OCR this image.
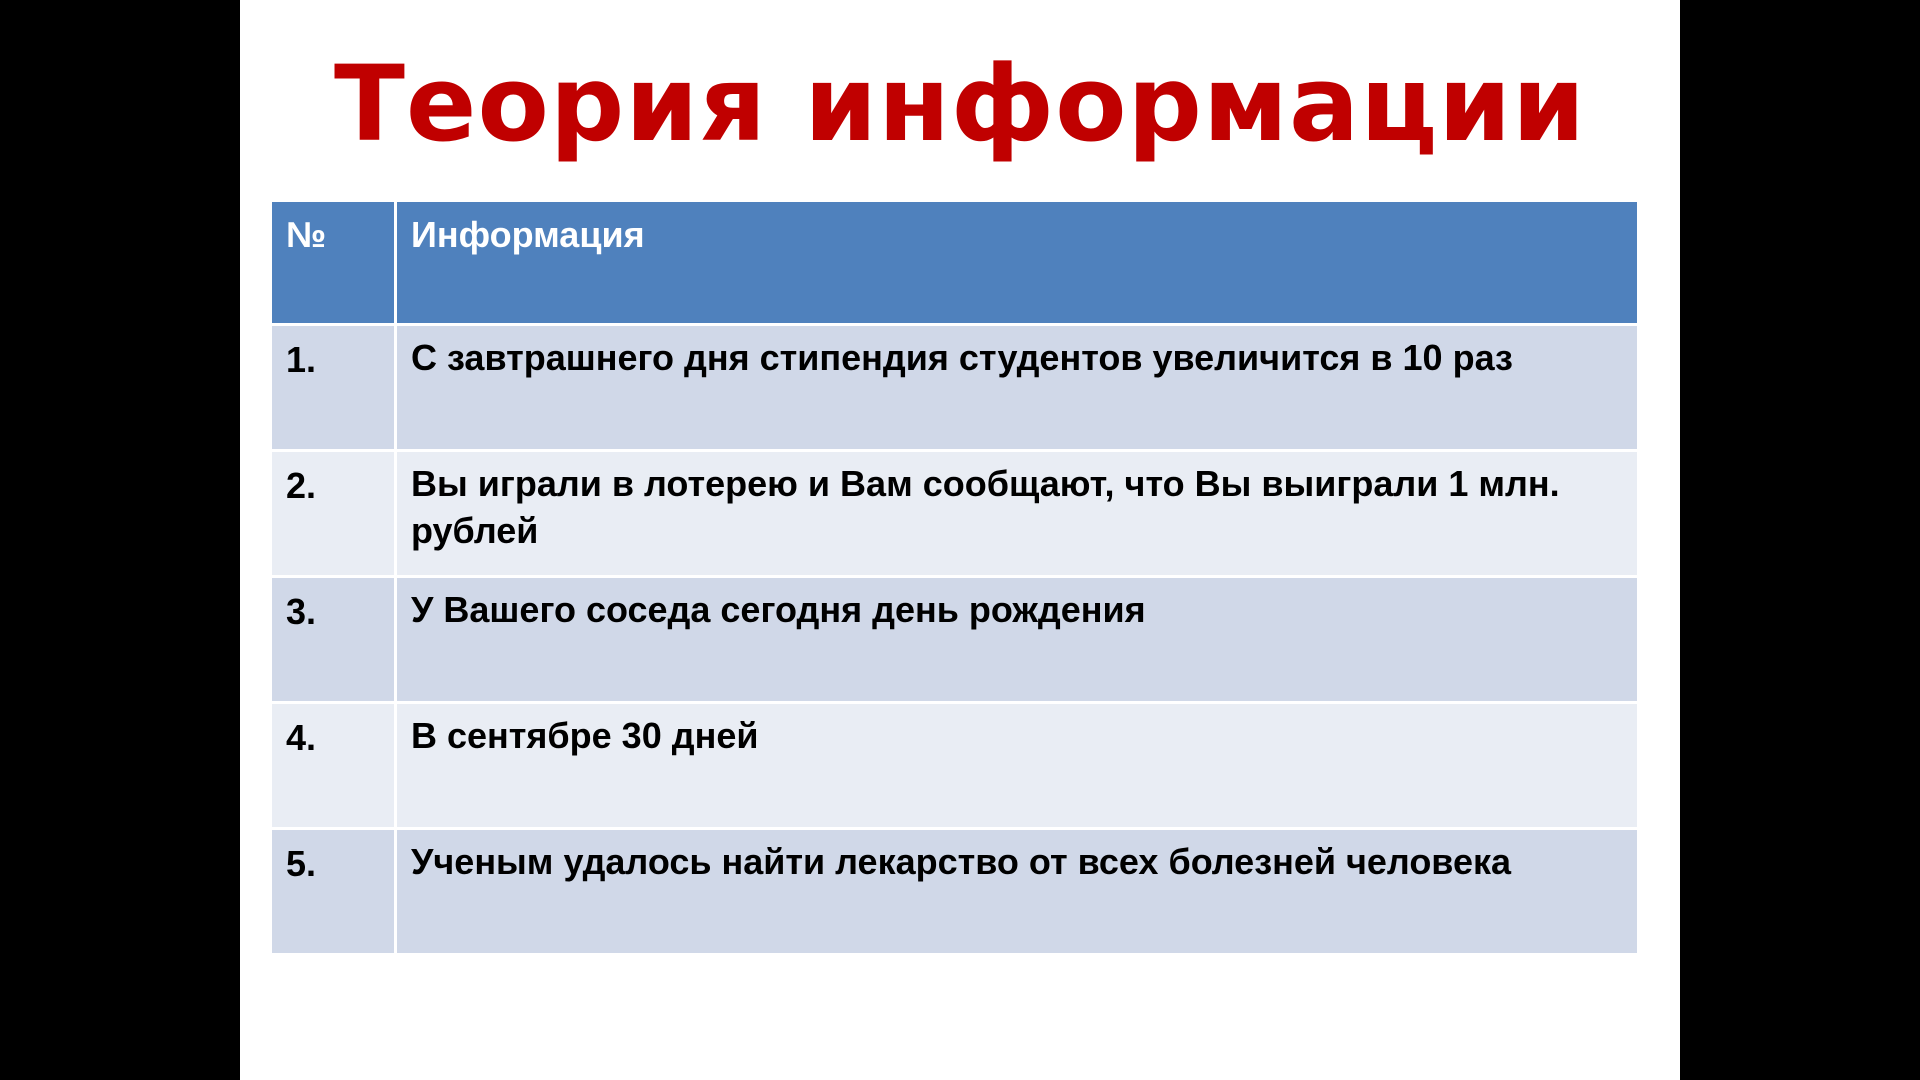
Теория информации
№	Информация
1.	С завтрашнего дня стипендия студентов увеличится в 10 раз
2.	Вы играли в лотерею и Вам сообщают, что Вы выиграли 1 млн. рублей
3.	У Вашего соседа сегодня день рождения
4.	В сентябре 30 дней
5.	Ученым удалось найти лекарство от всех болезней человека
